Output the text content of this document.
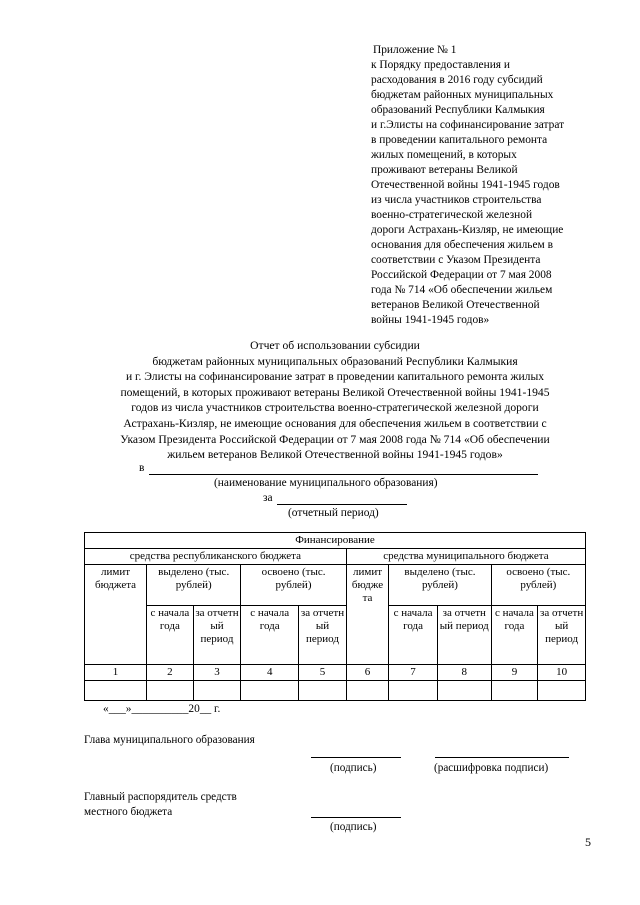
Приложение № 1
к Порядку предоставления и
расходования в 2016 году субсидий
бюджетам районных муниципальных
образований Республики Калмыкия
и г.Элисты на софинансирование затрат
в проведении капитального ремонта
жилых помещений, в которых
проживают ветераны Великой
Отечественной войны 1941-1945 годов
из числа участников строительства
военно-стратегической железной
дороги Астрахань-Кизляр, не имеющие
основания для обеспечения жильем в
соответствии с Указом Президента
Российской Федерации от 7 мая 2008
года № 714 «Об обеспечении жильем
ветеранов Великой Отечественной
войны 1941-1945 годов»
Отчет об использовании субсидии
бюджетам районных муниципальных образований Республики Калмыкия
и г. Элисты на софинансирование затрат в проведении капитального ремонта жилых
помещений, в которых проживают ветераны Великой Отечественной войны 1941-1945
годов из числа участников строительства военно-стратегической железной дороги
Астрахань-Кизляр, не имеющие основания для обеспечения жильем в соответствии с
Указом Президента Российской Федерации от 7 мая 2008 года № 714 «Об обеспечении
жильем ветеранов Великой Отечественной войны 1941-1945 годов»
в
(наименование муниципального образования)
за
(отчетный период)
Финансирование									
средства республиканского бюджета					средства муниципального бюджета				
лимит бюджета	выделено (тыс. рублей)		освоено (тыс. рублей)		лимит бюдже та	выделено (тыс. рублей)		освоено (тыс. рублей)	
	с начала года	за отчетн ый период	с начала года	за отчетн ый период		с начала года	за отчетн ый период	с начала года	за отчетн ый период
1	2	3	4	5	6	7	8	9	10

«___»__________20__ г.
Глава муниципального образования
(подпись)	(расшифровка подписи)
Главный распорядитель средств
местного бюджета
(подпись)
5
